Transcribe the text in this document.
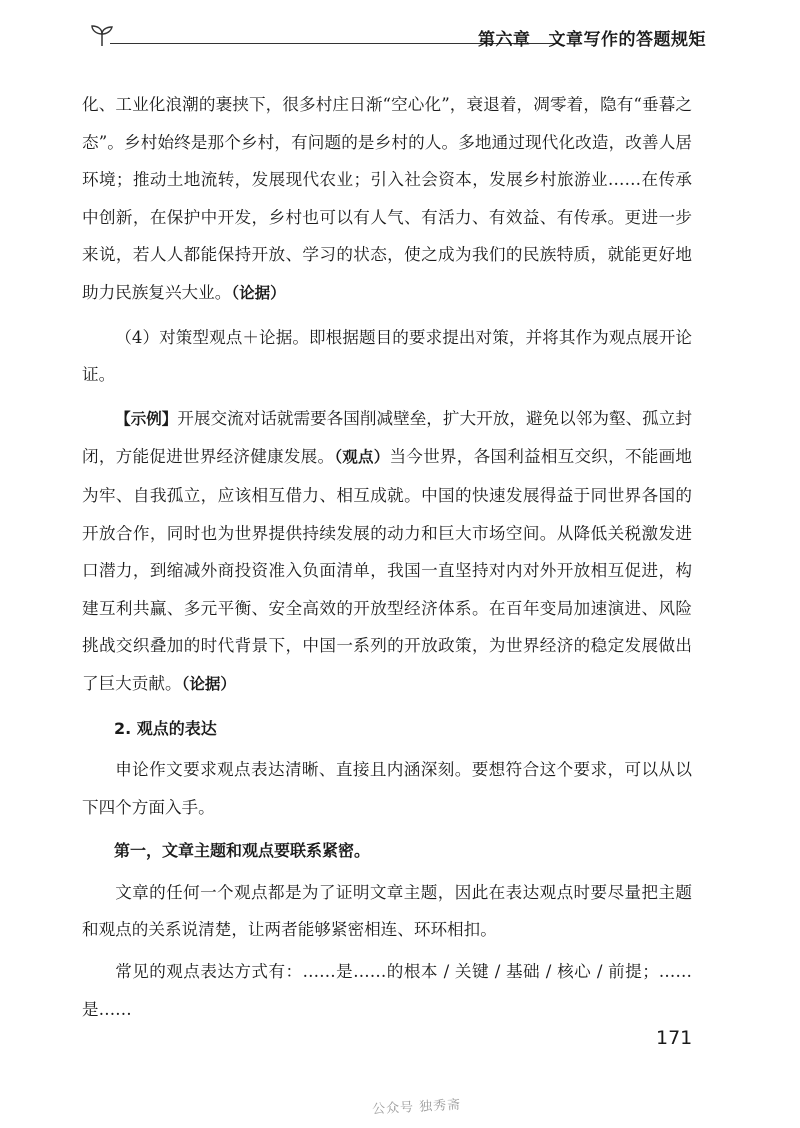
第六章 文章写作的答题规矩

化、工业化浪潮的裹挟下，很多村庄日渐“空心化”，衰退着，凋零着，隐有“垂暮之态”。乡村始终是那个乡村，有问题的是乡村的人。多地通过现代化改造，改善人居环境；推动土地流转，发展现代农业；引入社会资本，发展乡村旅游业……在传承中创新，在保护中开发，乡村也可以有人气、有活力、有效益、有传承。更进一步来说，若人人都能保持开放、学习的状态，使之成为我们的民族特质，就能更好地助力民族复兴大业。（论据）

（4）对策型观点＋论据。即根据题目的要求提出对策，并将其作为观点展开论证。

【示例】开展交流对话就需要各国削减壁垒，扩大开放，避免以邻为壑、孤立封闭，方能促进世界经济健康发展。（观点）当今世界，各国利益相互交织，不能画地为牢、自我孤立，应该相互借力、相互成就。中国的快速发展得益于同世界各国的开放合作，同时也为世界提供持续发展的动力和巨大市场空间。从降低关税激发进口潜力，到缩减外商投资准入负面清单，我国一直坚持对内对外开放相互促进，构建互利共赢、多元平衡、安全高效的开放型经济体系。在百年变局加速演进、风险挑战交织叠加的时代背景下，中国一系列的开放政策，为世界经济的稳定发展做出了巨大贡献。（论据）

2. 观点的表达

申论作文要求观点表达清晰、直接且内涵深刻。要想符合这个要求，可以从以下四个方面入手。

第一，文章主题和观点要联系紧密。

文章的任何一个观点都是为了证明文章主题，因此在表达观点时要尽量把主题和观点的关系说清楚，让两者能够紧密相连、环环相扣。

常见的观点表达方式有：……是……的根本 / 关键 / 基础 / 核心 / 前提；……是……

171
公众号 独秀斋
